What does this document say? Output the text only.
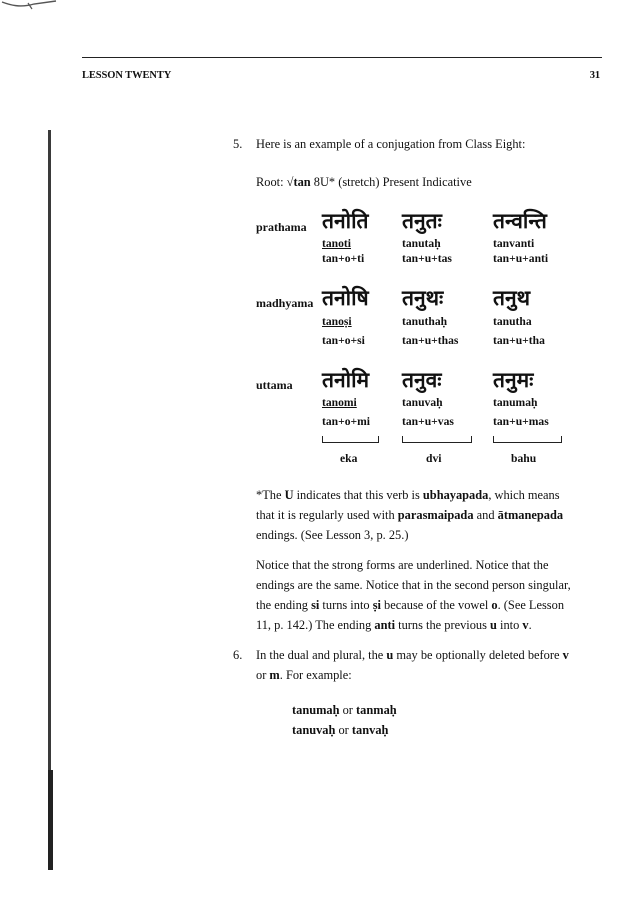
LESSON TWENTY	31
5. Here is an example of a conjugation from Class Eight:
Root: √tan 8U* (stretch) Present Indicative
prathama तनोति तनुतः तन्वन्ति
tanoti	tanutaḥ	tanvanti
tan+o+ti	tan+u+tas	tan+u+anti
madhyama तनोषि तनुथः तनुथ
tanoṣi	tanuthaḥ	tanutha
tan+o+si	tan+u+thas	tan+u+tha
uttama तनोमि तनुवः तनुमः
tanomi	tanuvaḥ	tanumaḥ
tan+o+mi	tan+u+vas	tan+u+mas
eka	dvi	bahu
*The U indicates that this verb is ubhayapada, which means
that it is regularly used with parasmaipada and ātmanepada
endings. (See Lesson 3, p. 25.)
Notice that the strong forms are underlined. Notice that the
endings are the same. Notice that in the second person singular,
the ending si turns into ṣi because of the vowel o. (See Lesson
11, p. 142.) The ending anti turns the previous u into v.
6. In the dual and plural, the u may be optionally deleted before v
or m. For example:
tanumaḥ or tanmaḥ
tanuvaḥ or tanvaḥ
